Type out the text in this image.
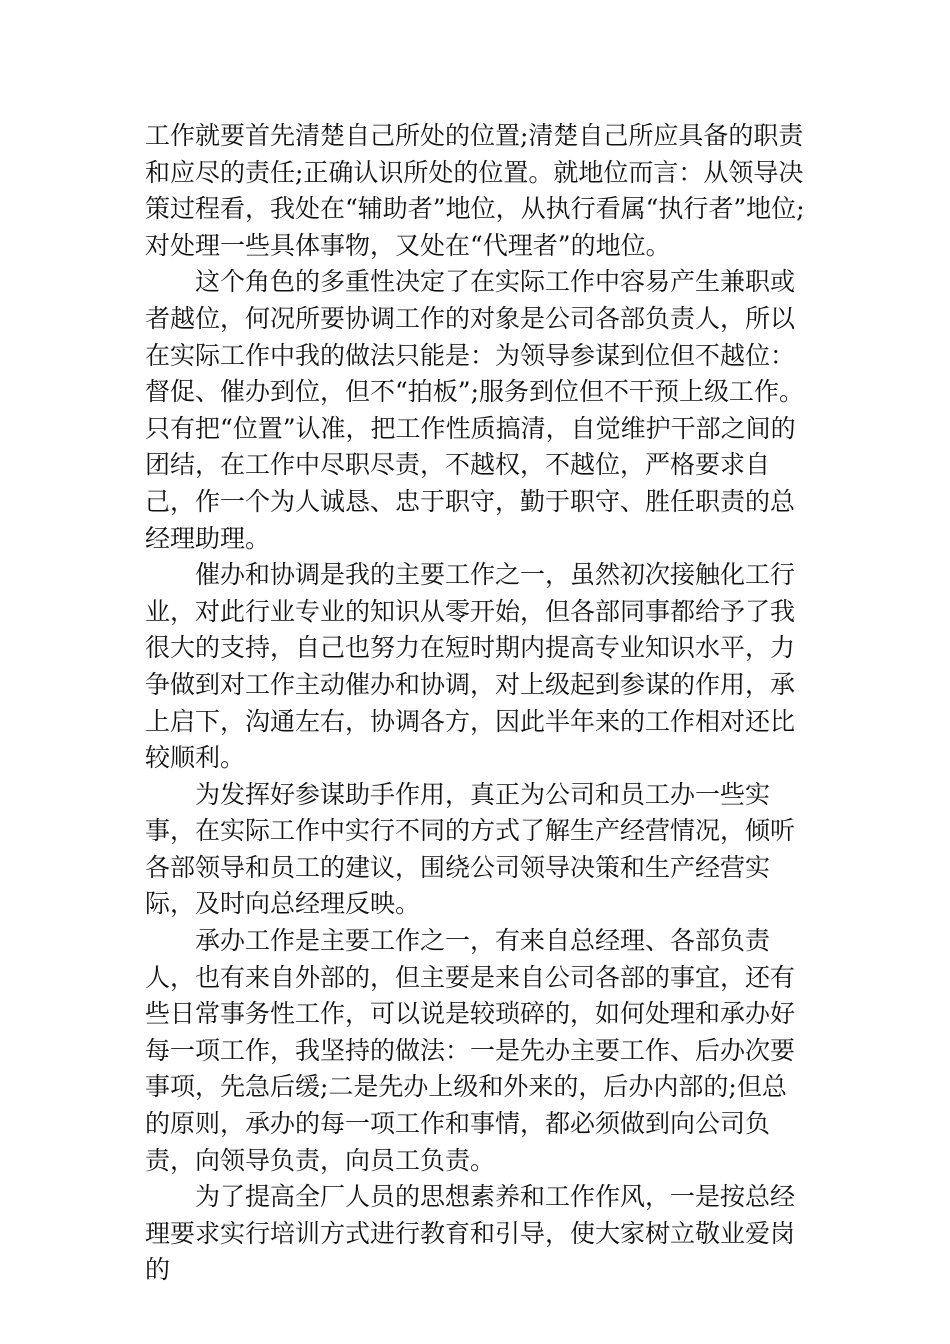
工作就要首先清楚自己所处的位置;清楚自己所应具备的职责和应尽的责任;正确认识所处的位置。就地位而言：从领导决策过程看，我处在“辅助者”地位，从执行看属“执行者”地位;对处理一些具体事物，又处在“代理者”的地位。

这个角色的多重性决定了在实际工作中容易产生兼职或者越位，何况所要协调工作的对象是公司各部负责人，所以在实际工作中我的做法只能是：为领导参谋到位但不越位：督促、催办到位，但不“拍板”;服务到位但不干预上级工作。只有把“位置”认准，把工作性质搞清，自觉维护干部之间的团结，在工作中尽职尽责，不越权，不越位，严格要求自己，作一个为人诚恳、忠于职守，勤于职守、胜任职责的总经理助理。

催办和协调是我的主要工作之一，虽然初次接触化工行业，对此行业专业的知识从零开始，但各部同事都给予了我很大的支持，自己也努力在短时期内提高专业知识水平，力争做到对工作主动催办和协调，对上级起到参谋的作用，承上启下，沟通左右，协调各方，因此半年来的工作相对还比较顺利。

为发挥好参谋助手作用，真正为公司和员工办一些实事，在实际工作中实行不同的方式了解生产经营情况，倾听各部领导和员工的建议，围绕公司领导决策和生产经营实际，及时向总经理反映。

承办工作是主要工作之一，有来自总经理、各部负责人，也有来自外部的，但主要是来自公司各部的事宜，还有些日常事务性工作，可以说是较琐碎的，如何处理和承办好每一项工作，我坚持的做法：一是先办主要工作、后办次要事项，先急后缓;二是先办上级和外来的，后办内部的;但总的原则，承办的每一项工作和事情，都必须做到向公司负责，向领导负责，向员工负责。

为了提高全厂人员的思想素养和工作作风，一是按总经理要求实行培训方式进行教育和引导，使大家树立敬业爱岗的
